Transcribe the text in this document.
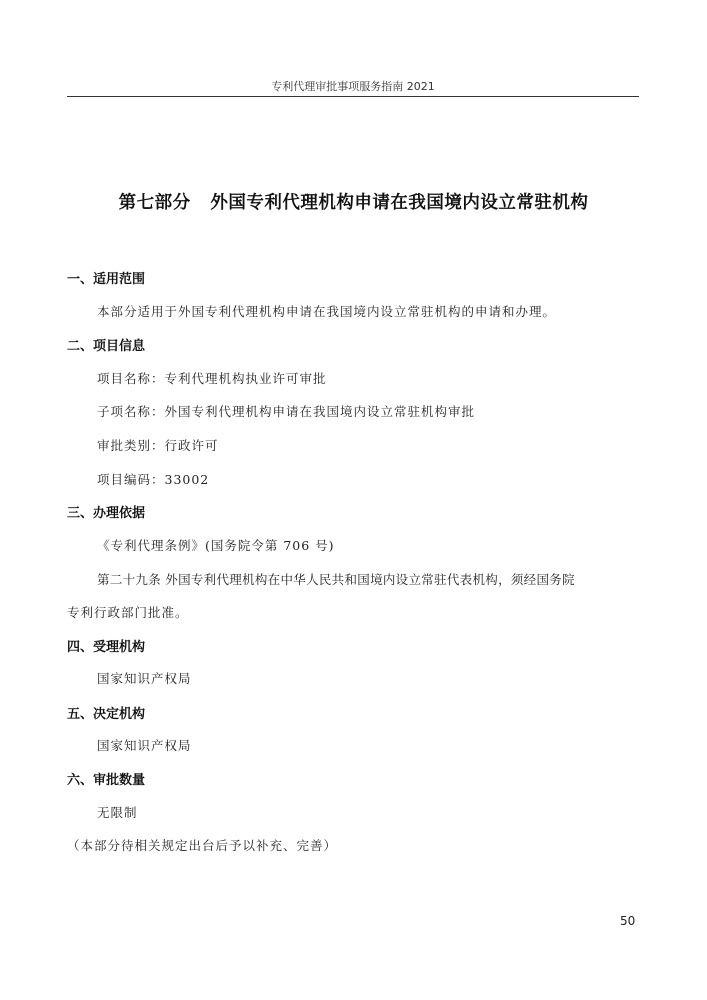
专利代理审批事项服务指南 2021
第七部分   外国专利代理机构申请在我国境内设立常驻机构
一、适用范围
本部分适用于外国专利代理机构申请在我国境内设立常驻机构的申请和办理。
二、项目信息
项目名称：专利代理机构执业许可审批
子项名称：外国专利代理机构申请在我国境内设立常驻机构审批
审批类别：行政许可
项目编码：33002
三、办理依据
《专利代理条例》(国务院令第 706 号)
第二十九条 外国专利代理机构在中华人民共和国境内设立常驻代表机构，须经国务院
专利行政部门批准。
四、受理机构
国家知识产权局
五、决定机构
国家知识产权局
六、审批数量
无限制
（本部分待相关规定出台后予以补充、完善）
50
